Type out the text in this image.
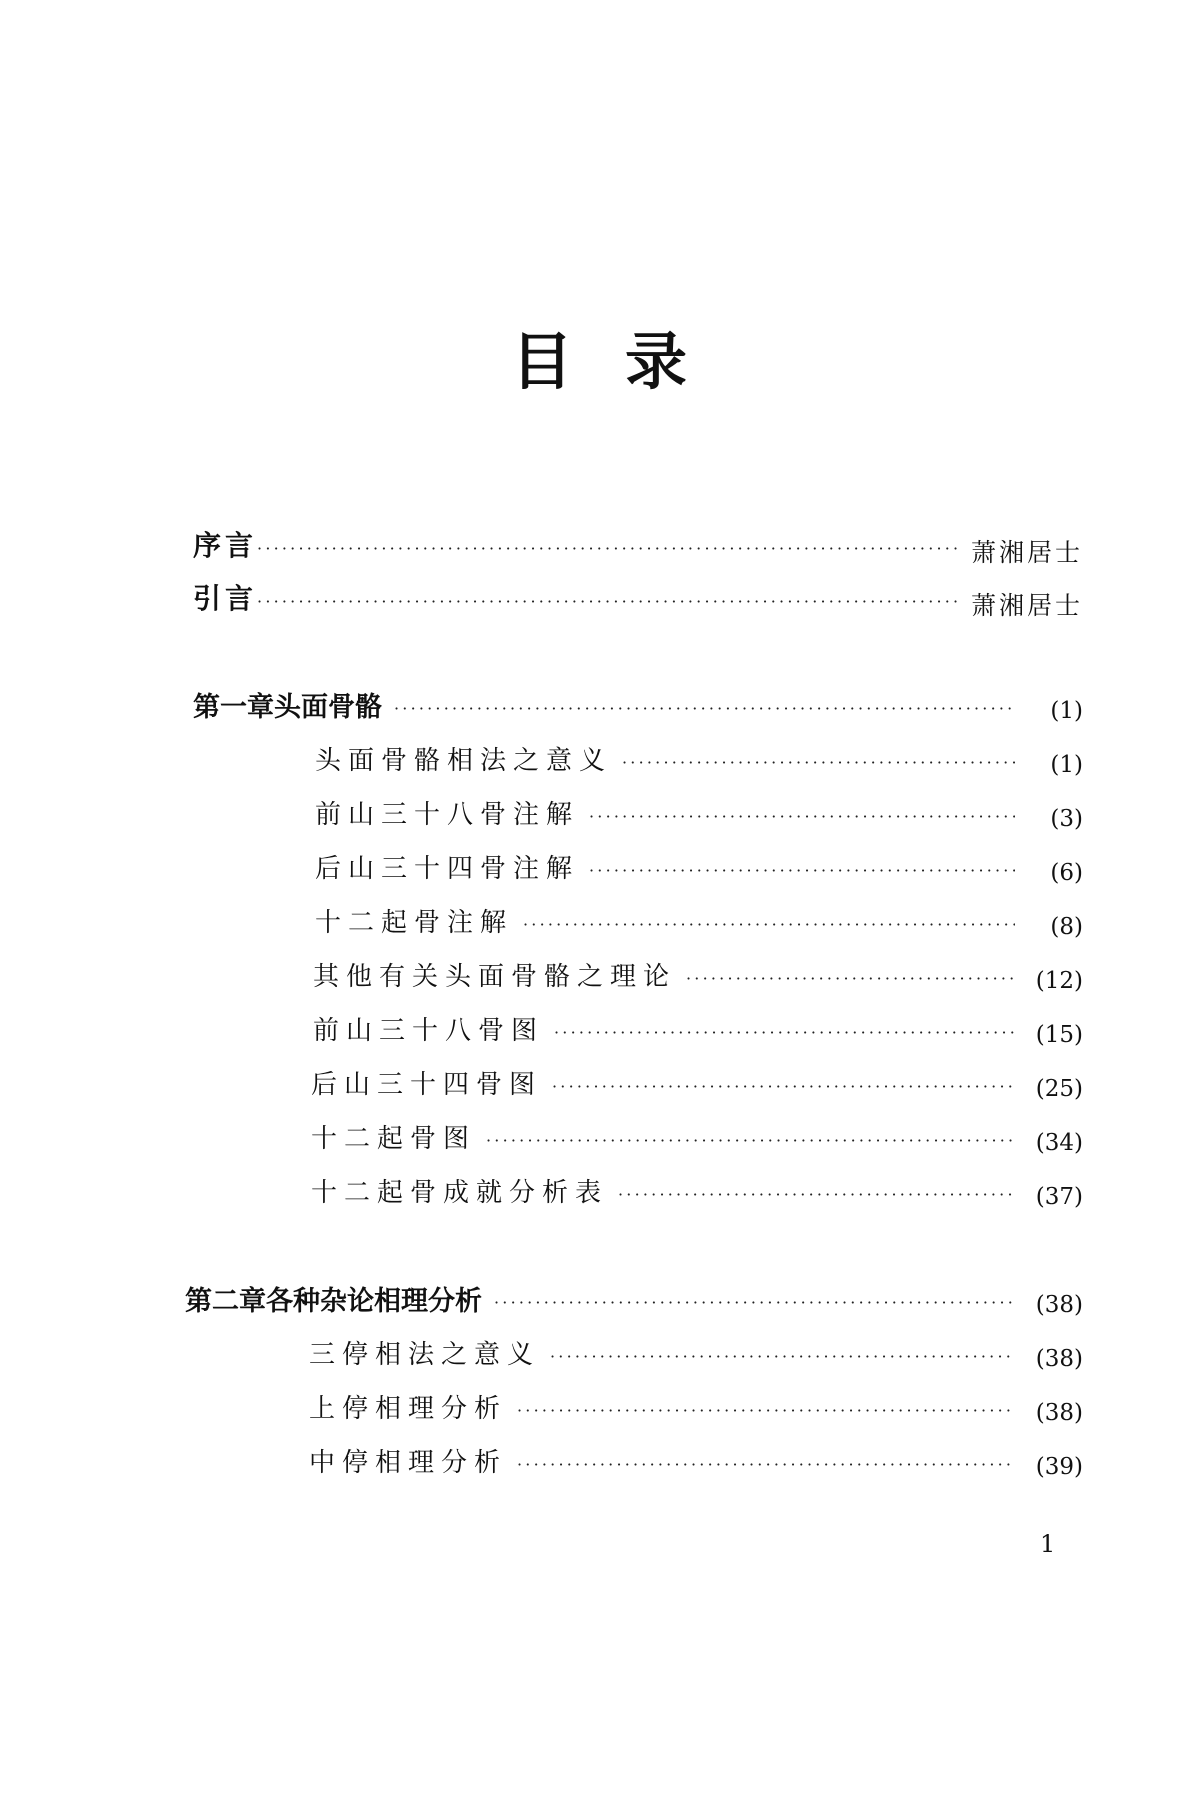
目录
序 言 ·····	萧湘居士
引 言 ·····	萧湘居士
第一章 头面骨骼 ·····	(1)
头面骨骼相法之意义 ·····	(1)
前山三十八骨注解 ·····	(3)
后山三十四骨注解 ·····	(6)
十二起骨注解 ·····	(8)
其他有关头面骨骼之理论 ·····	(12)
前山三十八骨图 ·····	(15)
后山三十四骨图 ·····	(25)
十二起骨图 ·····	(34)
十二起骨成就分析表 ·····	(37)
第二章 各种杂论相理分析 ·····	(38)
三停相法之意义 ·····	(38)
上停相理分析 ·····	(38)
中停相理分析 ·····	(39)
1
